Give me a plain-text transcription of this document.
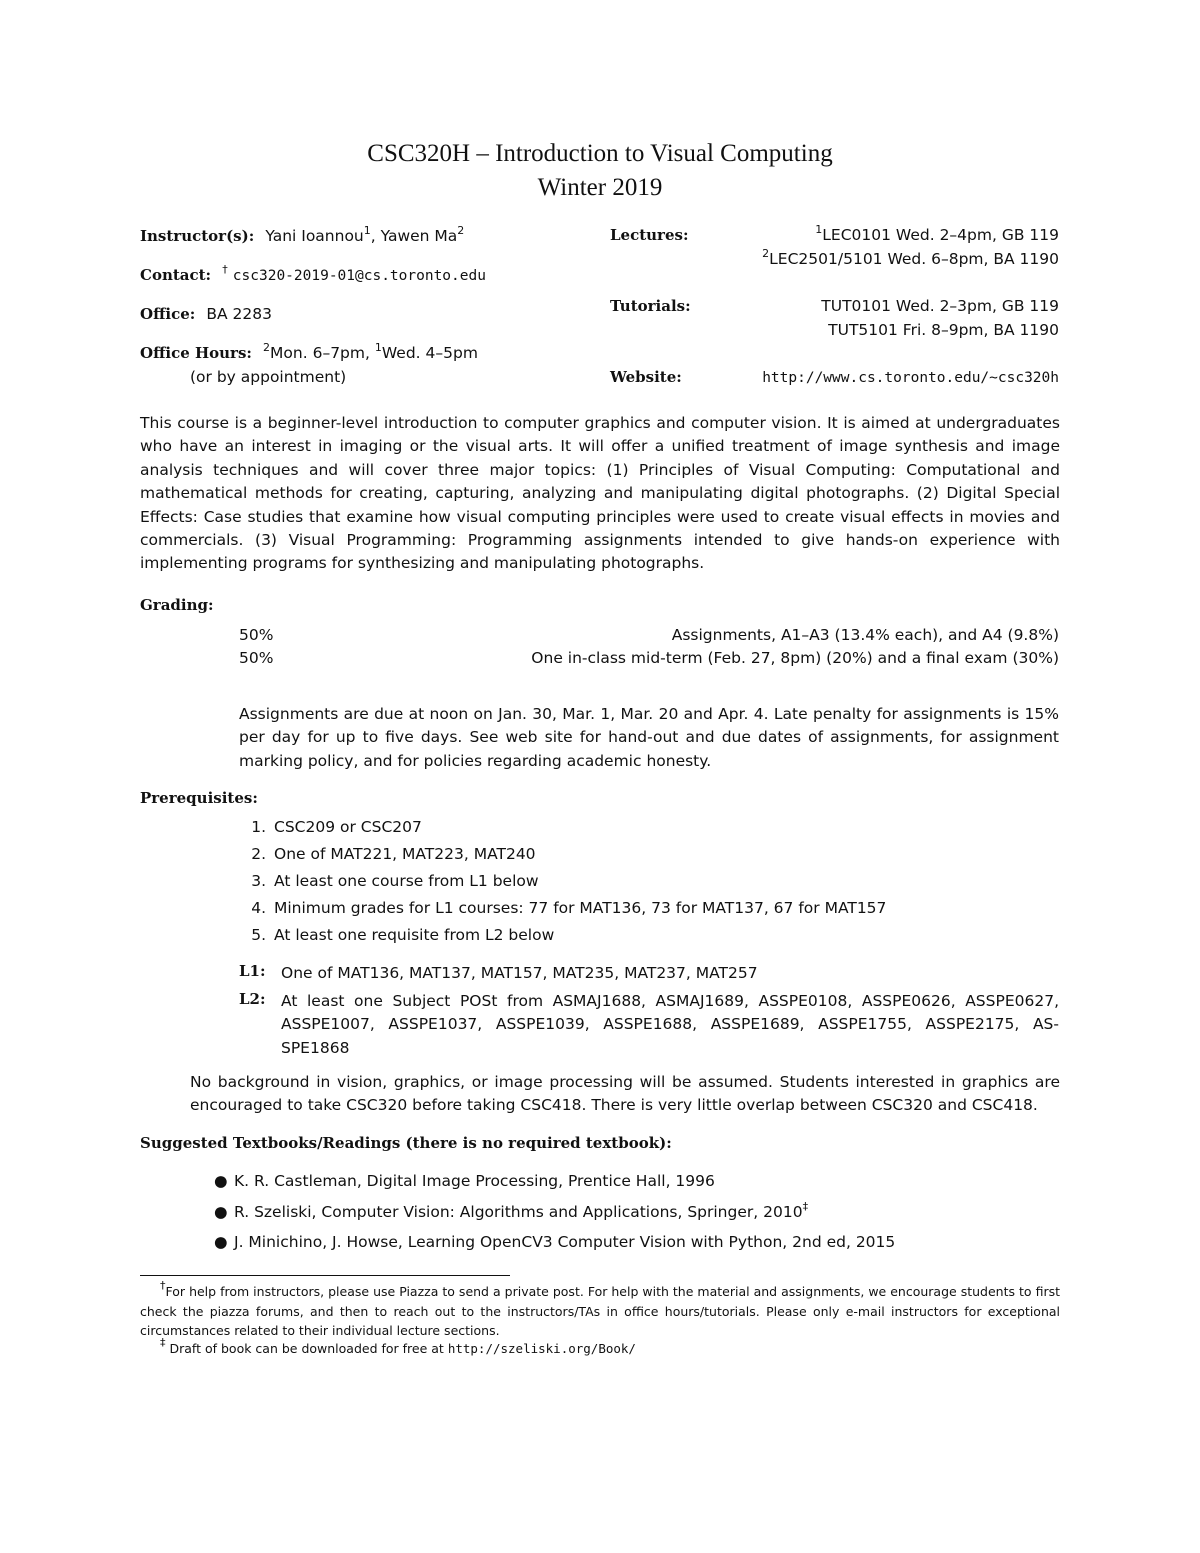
CSC320H – Introduction to Visual Computing
Winter 2019
Instructor(s): Yani Ioannou$^1$, Yawen Ma$^2$
Contact: † csc320-2019-01@cs.toronto.edu
Office: BA 2283
Office Hours: $^2$Mon. 6–7pm, $^1$Wed. 4–5pm
(or by appointment)
Lectures:	$^1$LEC0101 Wed. 2–4pm, GB 119
$^2$LEC2501/5101 Wed. 6–8pm, BA 1190
Tutorials:	TUT0101 Wed. 2–3pm, GB 119
TUT5101 Fri. 8–9pm, BA 1190
Website:	http://www.cs.toronto.edu/~csc320h
This course is a beginner-level introduction to computer graphics and computer vision. It is aimed at undergraduates who have an interest in imaging or the visual arts. It will offer a unified treatment of image synthesis and image analysis techniques and will cover three major topics: (1) Principles of Visual Computing: Computational and mathematical methods for creating, capturing, analyzing and manipulating digital photographs. (2) Digital Special Effects: Case studies that examine how visual computing principles were used to create visual effects in movies and commercials. (3) Visual Programming: Programming assignments intended to give hands-on experience with implementing programs for synthesizing and manipulating photographs.
Grading:
50%	Assignments, A1–A3 (13.4% each), and A4 (9.8%)
50%	One in-class mid-term (Feb. 27, 8pm) (20%) and a final exam (30%)
Assignments are due at noon on Jan. 30, Mar. 1, Mar. 20 and Apr. 4. Late penalty for assignments is 15% per day for up to five days. See web site for hand-out and due dates of assignments, for assignment marking policy, and for policies regarding academic honesty.
Prerequisites:
1. CSC209 or CSC207
2. One of MAT221, MAT223, MAT240
3. At least one course from L1 below
4. Minimum grades for L1 courses: 77 for MAT136, 73 for MAT137, 67 for MAT157
5. At least one requisite from L2 below
L1: One of MAT136, MAT137, MAT157, MAT235, MAT237, MAT257
L2: At least one Subject POSt from ASMAJ1688, ASMAJ1689, ASSPE0108, ASSPE0626, ASSPE0627, ASSPE1007, ASSPE1037, ASSPE1039, ASSPE1688, ASSPE1689, ASSPE1755, ASSPE2175, AS-SPE1868
No background in vision, graphics, or image processing will be assumed. Students interested in graphics are encouraged to take CSC320 before taking CSC418. There is very little overlap between CSC320 and CSC418.
Suggested Textbooks/Readings (there is no required textbook):
● K. R. Castleman, Digital Image Processing, Prentice Hall, 1996
● R. Szeliski, Computer Vision: Algorithms and Applications, Springer, 2010‡
● J. Minichino, J. Howse, Learning OpenCV3 Computer Vision with Python, 2nd ed, 2015
†For help from instructors, please use Piazza to send a private post. For help with the material and assignments, we encourage students to first check the piazza forums, and then to reach out to the instructors/TAs in office hours/tutorials. Please only e-mail instructors for exceptional circumstances related to their individual lecture sections.
‡ Draft of book can be downloaded for free at http://szeliski.org/Book/
